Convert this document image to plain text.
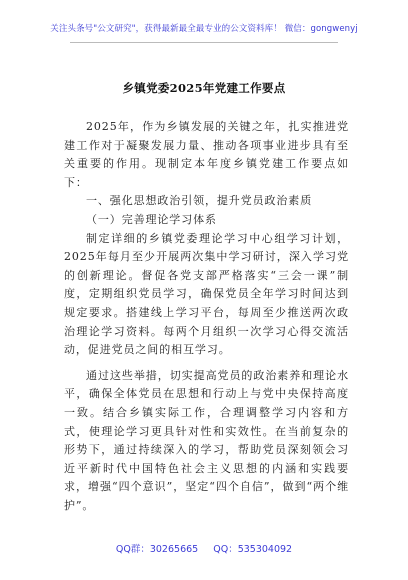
关注头条号"公文研究"，获得最新最全最专业的公文资料库！ 微信：gongwenyj
乡镇党委2025年党建工作要点

2025年，作为乡镇发展的关键之年，扎实推进党建工作对于凝聚发展力量、推动各项事业进步具有至关重要的作用。现制定本年度乡镇党建工作要点如下：

一、强化思想政治引领，提升党员政治素质

（一）完善理论学习体系

制定详细的乡镇党委理论学习中心组学习计划，2025年每月至少开展两次集中学习研讨，深入学习党的创新理论。督促各党支部严格落实“三会一课”制度，定期组织党员学习，确保党员全年学习时间达到规定要求。搭建线上学习平台，每周至少推送两次政治理论学习资料。每两个月组织一次学习心得交流活动，促进党员之间的相互学习。

通过这些举措，切实提高党员的政治素养和理论水平，确保全体党员在思想和行动上与党中央保持高度一致。结合乡镇实际工作，合理调整学习内容和方式，使理论学习更具针对性和实效性。在当前复杂的形势下，通过持续深入的学习，帮助党员深刻领会习近平新时代中国特色社会主义思想的内涵和实践要求，增强“四个意识”，坚定“四个自信”，做到“两个维护”。

QQ群：30265665 QQ：535304092
